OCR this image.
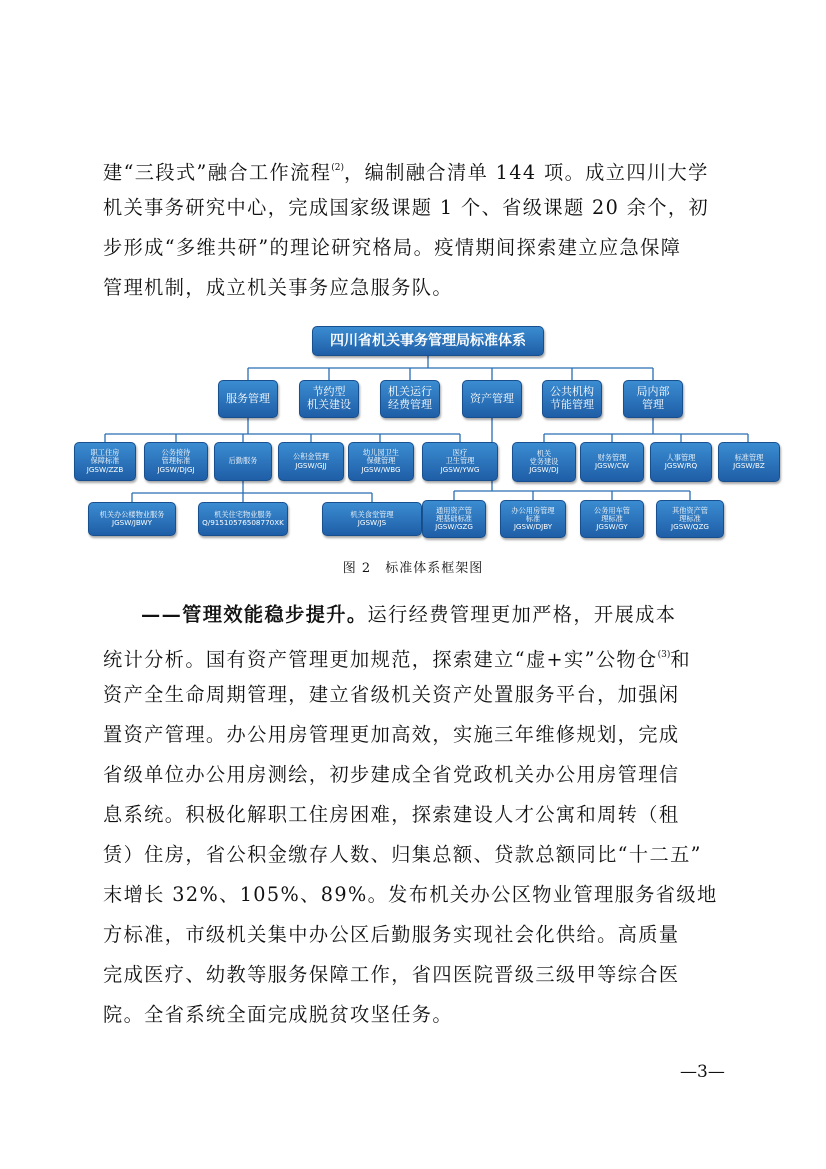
建“三段式”融合工作流程$^{(2)}$，编制融合清单 144 项。成立四川大学
机关事务研究中心，完成国家级课题 1 个、省级课题 20 余个，初
步形成“多维共研”的理论研究格局。疫情期间探索建立应急保障
管理机制，成立机关事务应急服务队。
四川省机关事务管理局标准体系
服务管理	节约型
机关建设
机关运行
经费管理	资产管理	公共机构
节能管理
局内部
管理
职工住房
保障标准
JGSW/ZZB
公务接待
管理标准
JGSW/DJGJ
后勤服务	公积金管理
JGSW/GJJ
幼儿园卫生
保健管理
JGSW/WBG
医疗
卫生管理
JGSW/YWG
机关办公楼物业服务
JGSW/JBWY
机关住宅物业服务
Q/91510576508770XK
机关食堂管理
JGSW/JS
通用资产管
理基础标准
JGSW/GZG
办公用房管理
标准
JGSW/DJBY
公务用车管
理标准
JGSW/GY
其他资产管
理标准
JGSW/QZG
机关
党务建设
JGSW/DJ
财务管理
JGSW/CW
人事管理
JGSW/RQ
标准管理
JGSW/BZ
图 2　标准体系框架图
——管理效能稳步提升。运行经费管理更加严格，开展成本
统计分析。国有资产管理更加规范，探索建立“虚+实”公物仓$^{(3)}$和
资产全生命周期管理，建立省级机关资产处置服务平台，加强闲
置资产管理。办公用房管理更加高效，实施三年维修规划，完成
省级单位办公用房测绘，初步建成全省党政机关办公用房管理信
息系统。积极化解职工住房困难，探索建设人才公寓和周转（租
赁）住房，省公积金缴存人数、归集总额、贷款总额同比“十二五”
末增长 32%、105%、89%。发布机关办公区物业管理服务省级地
方标准，市级机关集中办公区后勤服务实现社会化供给。高质量
完成医疗、幼教等服务保障工作，省四医院晋级三级甲等综合医
院。全省系统全面完成脱贫攻坚任务。
—3—
